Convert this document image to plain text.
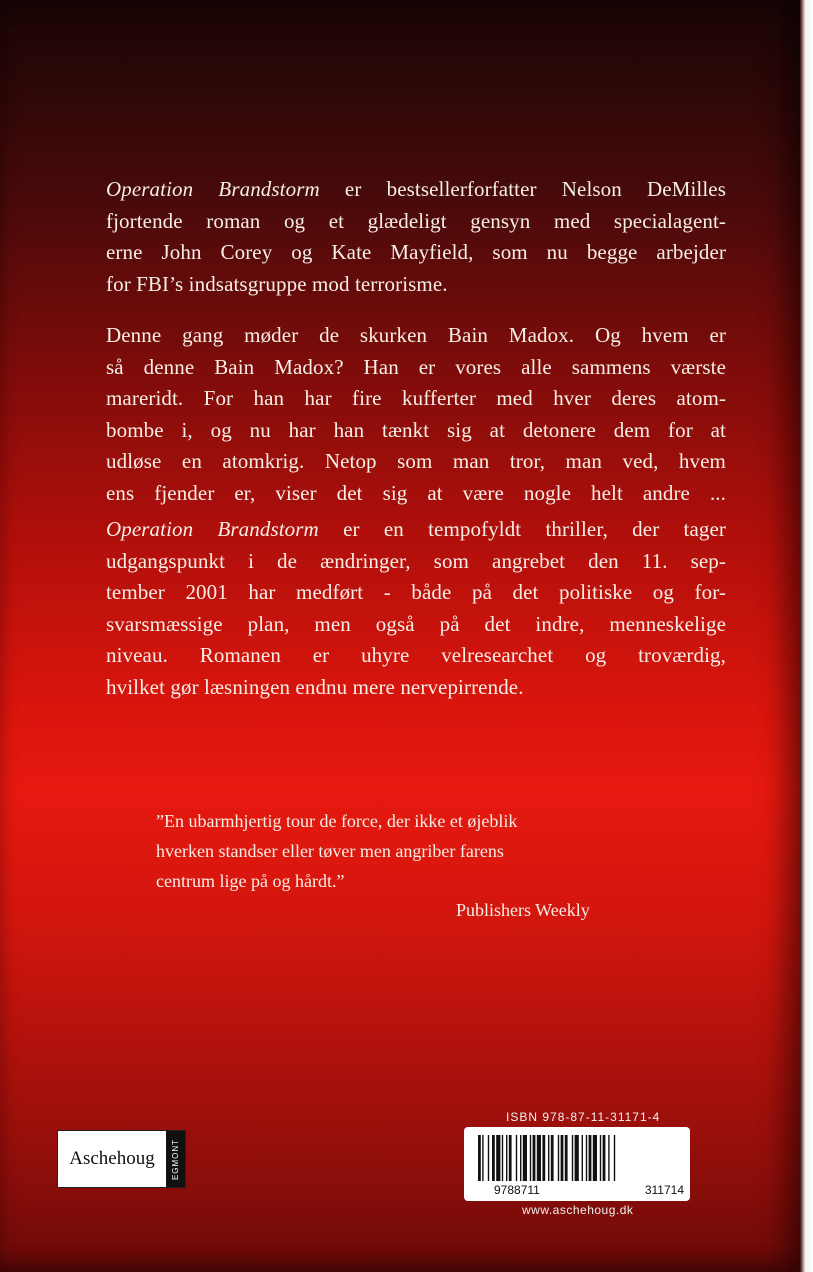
Operation Brandstorm er bestsellerforfatter Nelson DeMilles
fjortende roman og et glædeligt gensyn med specialagent-
erne John Corey og Kate Mayfield, som nu begge arbejder
for FBI’s indsatsgruppe mod terrorisme.

Denne gang møder de skurken Bain Madox. Og hvem er
så denne Bain Madox? Han er vores alle sammens værste
mareridt. For han har fire kufferter med hver deres atom-
bombe i, og nu har han tænkt sig at detonere dem for at
udløse en atomkrig. Netop som man tror, man ved, hvem
ens fjender er, viser det sig at være nogle helt andre ...

Operation Brandstorm er en tempofyldt thriller, der tager
udgangspunkt i de ændringer, som angrebet den 11. sep-
tember 2001 har medført - både på det politiske og for-
svarsmæssige plan, men også på det indre, menneskelige
niveau. Romanen er uhyre velresearchet og troværdig,
hvilket gør læsningen endnu mere nervepirrende.

”En ubarmhjertig tour de force, der ikke et øjeblik
hverken standser eller tøver men angriber farens
centrum lige på og hårdt.”
Publishers Weekly
Aschehoug	EGMONT
ISBN 978-87-11-31171-4
9788711	311714
www.aschehoug.dk
